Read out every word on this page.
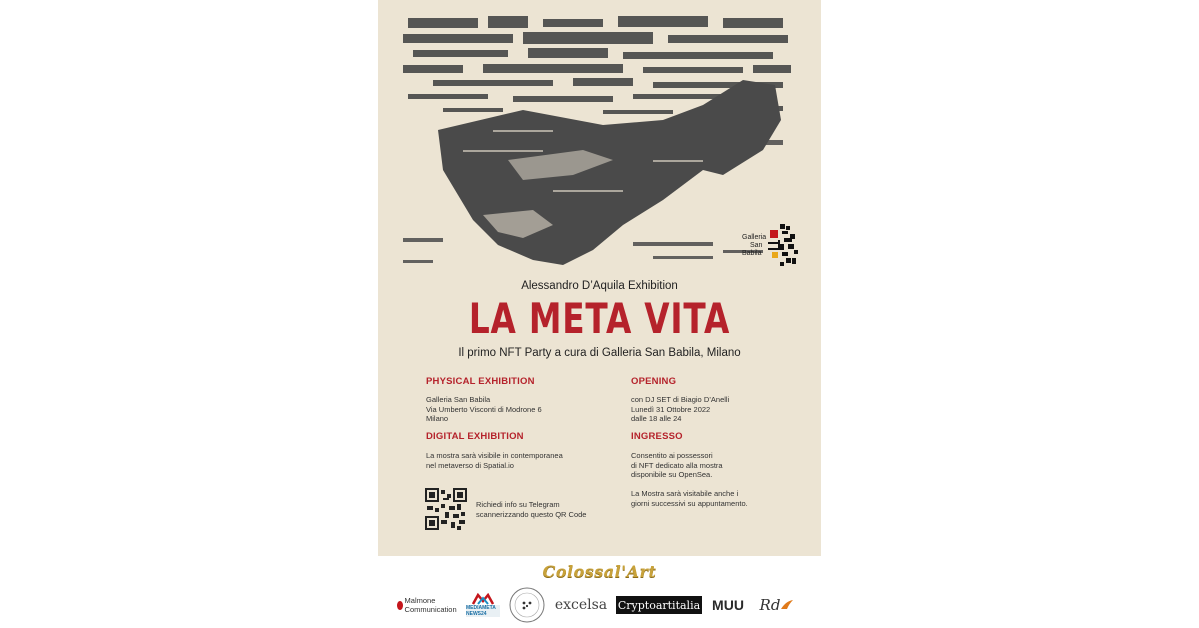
Galleria
San
Babila
Alessandro D’Aquila Exhibition
LA META VITA
Il primo NFT Party a cura di Galleria San Babila, Milano
PHYSICAL EXHIBITION
Galleria San Babila
Via Umberto Visconti di Modrone 6
Milano
DIGITAL EXHIBITION
La mostra sarà visibile in contemporanea
nel metaverso di Spatial.io
OPENING
con DJ SET di Biagio D’Anelli
Lunedì 31 Ottobre 2022
dalle 18 alle 24
INGRESSO
Consentito ai possessori
di NFT dedicato alla mostra
disponibile su OpenSea.

La Mostra sarà visitabile anche i
giorni successivi su appuntamento.
Richiedi info su Telegram
scannerizzando questo QR Code
Colossal'Art
Malmone Communication MEDIAMETA NEWS24
excelsa Cryptoartitalia MUU Rd
